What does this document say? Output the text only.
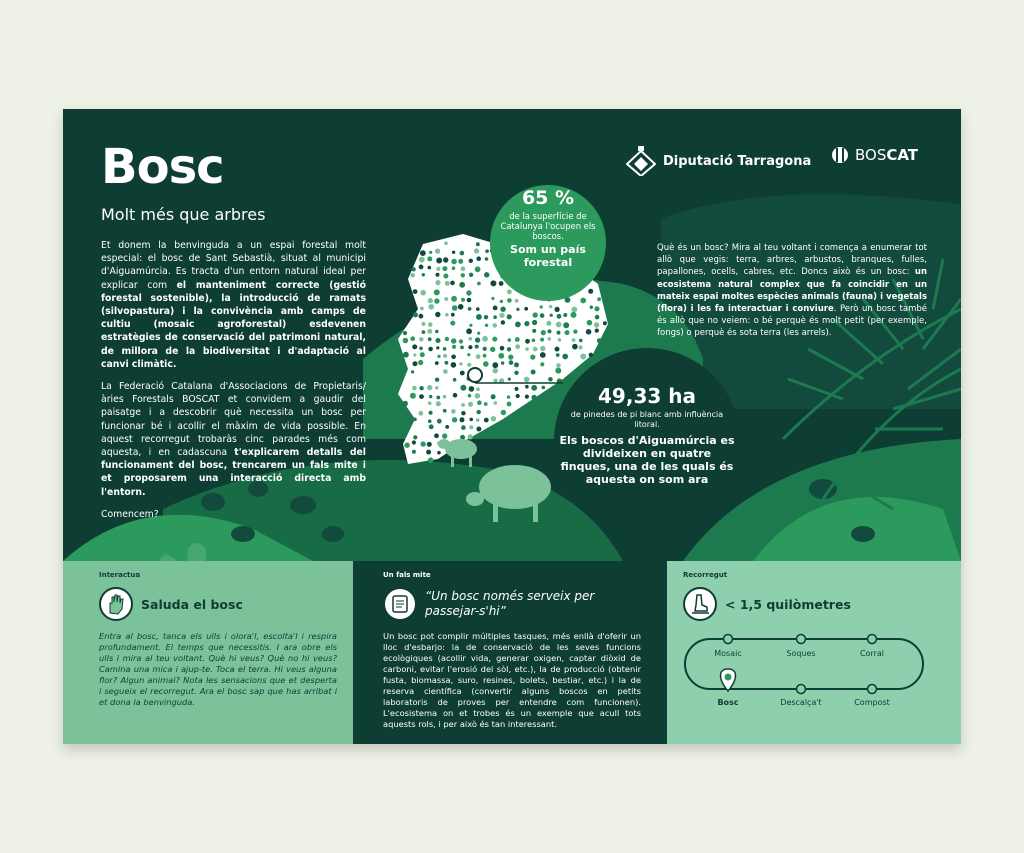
Bosc
Molt més que arbres

Et donem la benvinguda a un espai forestal molt especial: el bosc de Sant Sebastià, situat al municipi d'Aiguamúrcia. Es tracta d'un entorn natural ideal per explicar com el manteniment correcte (gestió forestal sostenible), la introducció de ramats (silvopastura) i la convivència amb camps de cultiu (mosaic agroforestal) esdevenen estratègies de conservació del patrimoni natural, de millora de la biodiversitat i d'adaptació al canvi climàtic.

La Federació Catalana d'Associacions de Propietaris/àries Forestals BOSCAT et convidem a gaudir del paisatge i a descobrir què necessita un bosc per funcionar bé i acollir el màxim de vida possible. En aquest recorregut trobaràs cinc parades més com aquesta, i en cadascuna t'explicarem detalls del funcionament del bosc, trencarem un fals mite i et proposarem una interacció directa amb l'entorn.

Comencem?

Diputació Tarragona	BOSCAT
65 %
de la superfície de Catalunya l'ocupen els boscos.
Som un país forestal
49,33 ha
de pinedes de pi blanc amb influència litoral.
Els boscos d'Aiguamúrcia es divideixen en quatre finques, una de les quals és aquesta on som ara
Què és un bosc? Mira al teu voltant i comença a enumerar tot allò que vegis: terra, arbres, arbustos, branques, fulles, papallones, ocells, cabres, etc. Doncs això és un bosc: un ecosistema natural complex que fa coincidir en un mateix espai moltes espècies animals (fauna) i vegetals (flora) i les fa interactuar i conviure. Però un bosc també és allò que no veiem: o bé perquè és molt petit (per exemple, fongs) o perquè és sota terra (les arrels).
Interactua
Saluda el bosc
Entra al bosc, tanca els ulls i olora'l, escolta'l i respira profundament. El temps que necessitis. I ara obre els ulls i mira al teu voltant. Què hi veus? Què no hi veus? Camina una mica i ajup-te. Toca el terra. Hi veus alguna flor? Algun animal? Nota les sensacions que et desperta i segueix el recorregut. Ara el bosc sap que has arribat i et dona la benvinguda.
Un fals mite
“Un bosc només serveix per passejar-s'hi”
Un bosc pot complir múltiples tasques, més enllà d'oferir un lloc d'esbarjo: la de conservació de les seves funcions ecològiques (acollir vida, generar oxigen, captar diòxid de carboni, evitar l'erosió del sòl, etc.), la de producció (obtenir fusta, biomassa, suro, resines, bolets, bestiar, etc.) i la de reserva científica (convertir alguns boscos en petits laboratoris de proves per entendre com funcionen). L'ecosistema on et trobes és un exemple que acull tots aquests rols, i per això és tan interessant.
Recorregut
< 1,5 quilòmetres
Mosaic	Soques	Corral
Bosc	Descalça't	Compost
